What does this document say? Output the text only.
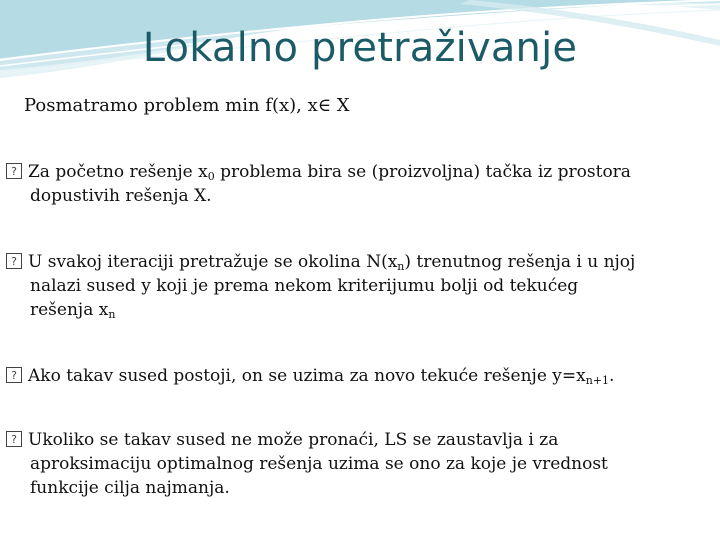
Lokalno pretraživanje
Posmatramo problem min f(x), x∈ X
?Za početno rešenje $x_0$ problema bira se (proizvoljna) tačka iz prostora
dopustivih rešenja X.
?U svakoj iteraciji pretražuje se okolina $N(x_n)$ trenutnog rešenja i u njoj
nalazi sused y koji je prema nekom kriterijumu bolji od tekućeg
rešenja $x_n$
?Ako takav sused postoji, on se uzima za novo tekuće rešenje $y=x_{n+1}$.
?Ukoliko se takav sused ne može pronaći, LS se zaustavlja i za
aproksimaciju optimalnog rešenja uzima se ono za koje je vrednost
funkcije cilja najmanja.
